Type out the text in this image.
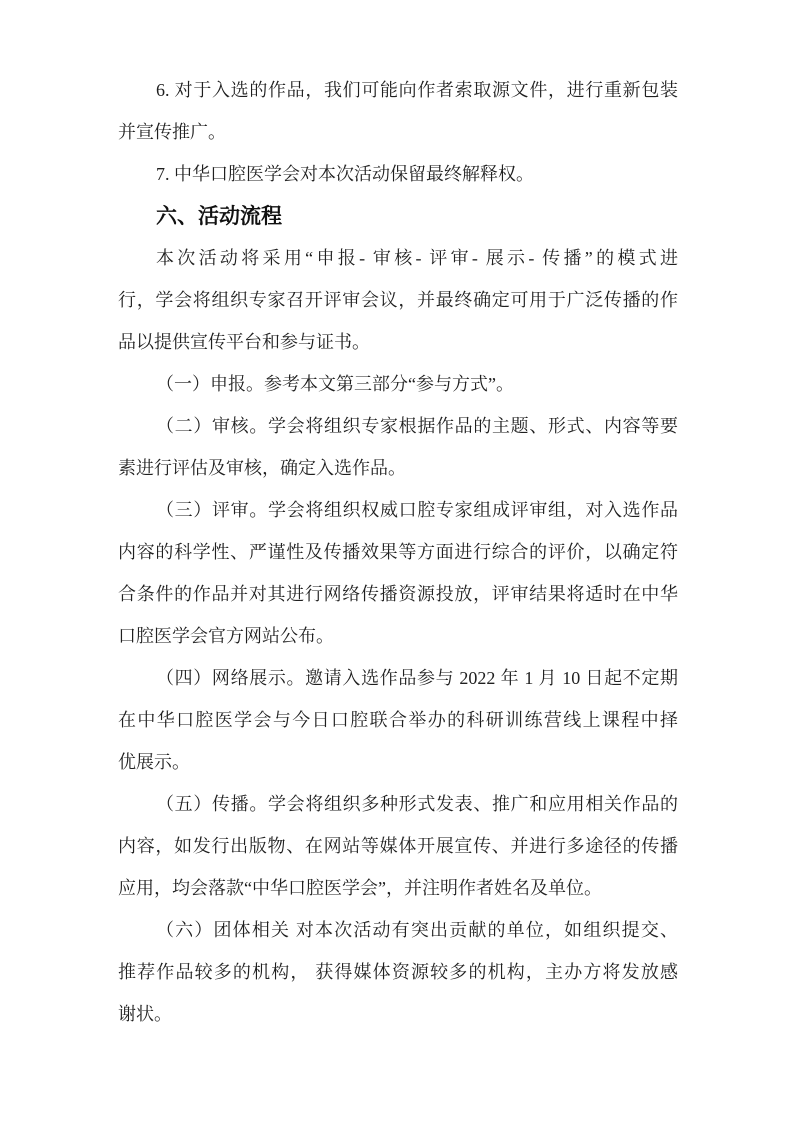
6. 对于入选的作品，我们可能向作者索取源文件，进行重新包装
并宣传推广。
7. 中华口腔医学会对本次活动保留最终解释权。
六、活动流程
本次活动将采用“申报- 审核- 评审- 展示- 传播”的模式进
行，学会将组织专家召开评审会议，并最终确定可用于广泛传播的作
品以提供宣传平台和参与证书。
（一）申报。参考本文第三部分“参与方式”。
（二）审核。学会将组织专家根据作品的主题、形式、内容等要
素进行评估及审核，确定入选作品。
（三）评审。学会将组织权威口腔专家组成评审组，对入选作品
内容的科学性、严谨性及传播效果等方面进行综合的评价，以确定符
合条件的作品并对其进行网络传播资源投放，评审结果将适时在中华
口腔医学会官方网站公布。
（四）网络展示。邀请入选作品参与 2022 年 1 月 10 日起不定期
在中华口腔医学会与今日口腔联合举办的科研训练营线上课程中择
优展示。
（五）传播。学会将组织多种形式发表、推广和应用相关作品的
内容，如发行出版物、在网站等媒体开展宣传、并进行多途径的传播
应用，均会落款“中华口腔医学会”，并注明作者姓名及单位。
（六）团体相关 对本次活动有突出贡献的单位，如组织提交、
推荐作品较多的机构， 获得媒体资源较多的机构，主办方将发放感
谢状。
